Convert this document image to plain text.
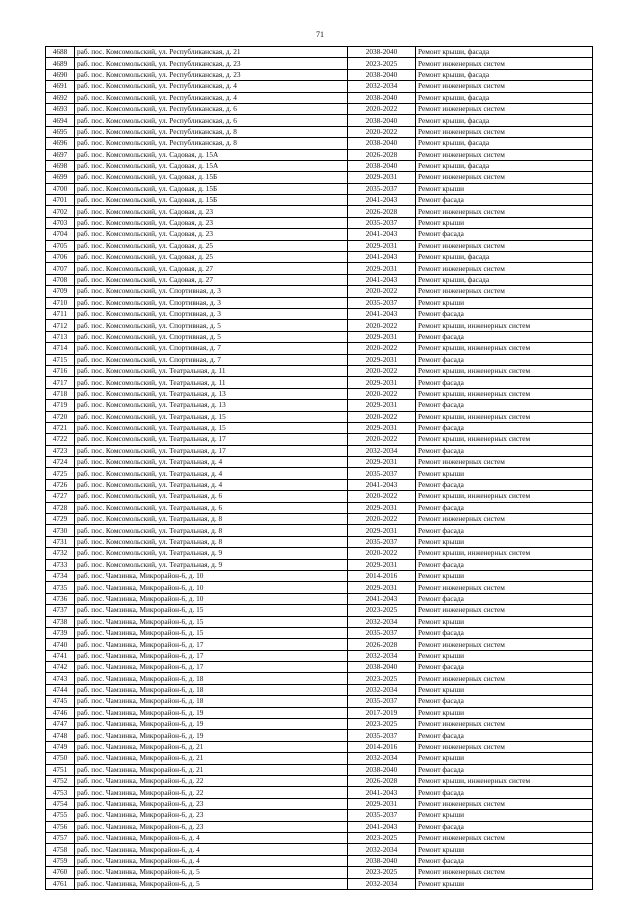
71
4688	раб. пос. Комсомольский, ул. Республиканская, д. 21	2038-2040	Ремонт крыши, фасада
4689	раб. пос. Комсомольский, ул. Республиканская, д. 23	2023-2025	Ремонт инженерных систем
4690	раб. пос. Комсомольский, ул. Республиканская, д. 23	2038-2040	Ремонт крыши, фасада
4691	раб. пос. Комсомольский, ул. Республиканская, д. 4	2032-2034	Ремонт инженерных систем
4692	раб. пос. Комсомольский, ул. Республиканская, д. 4	2038-2040	Ремонт крыши, фасада
4693	раб. пос. Комсомольский, ул. Республиканская, д. 6	2020-2022	Ремонт инженерных систем
4694	раб. пос. Комсомольский, ул. Республиканская, д. 6	2038-2040	Ремонт крыши, фасада
4695	раб. пос. Комсомольский, ул. Республиканская, д. 8	2020-2022	Ремонт инженерных систем
4696	раб. пос. Комсомольский, ул. Республиканская, д. 8	2038-2040	Ремонт крыши, фасада
4697	раб. пос. Комсомольский, ул. Садовая, д. 15А	2026-2028	Ремонт инженерных систем
4698	раб. пос. Комсомольский, ул. Садовая, д. 15А	2038-2040	Ремонт крыши, фасада
4699	раб. пос. Комсомольский, ул. Садовая, д. 15Б	2029-2031	Ремонт инженерных систем
4700	раб. пос. Комсомольский, ул. Садовая, д. 15Б	2035-2037	Ремонт крыши
4701	раб. пос. Комсомольский, ул. Садовая, д. 15Б	2041-2043	Ремонт фасада
4702	раб. пос. Комсомольский, ул. Садовая, д. 23	2026-2028	Ремонт инженерных систем
4703	раб. пос. Комсомольский, ул. Садовая, д. 23	2035-2037	Ремонт крыши
4704	раб. пос. Комсомольский, ул. Садовая, д. 23	2041-2043	Ремонт фасада
4705	раб. пос. Комсомольский, ул. Садовая, д. 25	2029-2031	Ремонт инженерных систем
4706	раб. пос. Комсомольский, ул. Садовая, д. 25	2041-2043	Ремонт крыши, фасада
4707	раб. пос. Комсомольский, ул. Садовая, д. 27	2029-2031	Ремонт инженерных систем
4708	раб. пос. Комсомольский, ул. Садовая, д. 27	2041-2043	Ремонт крыши, фасада
4709	раб. пос. Комсомольский, ул. Спортивная, д. 3	2020-2022	Ремонт инженерных систем
4710	раб. пос. Комсомольский, ул. Спортивная, д. 3	2035-2037	Ремонт крыши
4711	раб. пос. Комсомольский, ул. Спортивная, д. 3	2041-2043	Ремонт фасада
4712	раб. пос. Комсомольский, ул. Спортивная, д. 5	2020-2022	Ремонт крыши, инженерных систем
4713	раб. пос. Комсомольский, ул. Спортивная, д. 5	2029-2031	Ремонт фасада
4714	раб. пос. Комсомольский, ул. Спортивная, д. 7	2020-2022	Ремонт крыши, инженерных систем
4715	раб. пос. Комсомольский, ул. Спортивная, д. 7	2029-2031	Ремонт фасада
4716	раб. пос. Комсомольский, ул. Театральная, д. 11	2020-2022	Ремонт крыши, инженерных систем
4717	раб. пос. Комсомольский, ул. Театральная, д. 11	2029-2031	Ремонт фасада
4718	раб. пос. Комсомольский, ул. Театральная, д. 13	2020-2022	Ремонт крыши, инженерных систем
4719	раб. пос. Комсомольский, ул. Театральная, д. 13	2029-2031	Ремонт фасада
4720	раб. пос. Комсомольский, ул. Театральная, д. 15	2020-2022	Ремонт крыши, инженерных систем
4721	раб. пос. Комсомольский, ул. Театральная, д. 15	2029-2031	Ремонт фасада
4722	раб. пос. Комсомольский, ул. Театральная, д. 17	2020-2022	Ремонт крыши, инженерных систем
4723	раб. пос. Комсомольский, ул. Театральная, д. 17	2032-2034	Ремонт фасада
4724	раб. пос. Комсомольский, ул. Театральная, д. 4	2029-2031	Ремонт инженерных систем
4725	раб. пос. Комсомольский, ул. Театральная, д. 4	2035-2037	Ремонт крыши
4726	раб. пос. Комсомольский, ул. Театральная, д. 4	2041-2043	Ремонт фасада
4727	раб. пос. Комсомольский, ул. Театральная, д. 6	2020-2022	Ремонт крыши, инженерных систем
4728	раб. пос. Комсомольский, ул. Театральная, д. 6	2029-2031	Ремонт фасада
4729	раб. пос. Комсомольский, ул. Театральная, д. 8	2020-2022	Ремонт инженерных систем
4730	раб. пос. Комсомольский, ул. Театральная, д. 8	2029-2031	Ремонт фасада
4731	раб. пос. Комсомольский, ул. Театральная, д. 8	2035-2037	Ремонт крыши
4732	раб. пос. Комсомольский, ул. Театральная, д. 9	2020-2022	Ремонт крыши, инженерных систем
4733	раб. пос. Комсомольский, ул. Театральная, д. 9	2029-2031	Ремонт фасада
4734	раб. пос. Чамзинка, Микрорайон-6, д. 10	2014-2016	Ремонт крыши
4735	раб. пос. Чамзинка, Микрорайон-6, д. 10	2029-2031	Ремонт инженерных систем
4736	раб. пос. Чамзинка, Микрорайон-6, д. 10	2041-2043	Ремонт фасада
4737	раб. пос. Чамзинка, Микрорайон-6, д. 15	2023-2025	Ремонт инженерных систем
4738	раб. пос. Чамзинка, Микрорайон-6, д. 15	2032-2034	Ремонт крыши
4739	раб. пос. Чамзинка, Микрорайон-6, д. 15	2035-2037	Ремонт фасада
4740	раб. пос. Чамзинка, Микрорайон-6, д. 17	2026-2028	Ремонт инженерных систем
4741	раб. пос. Чамзинка, Микрорайон-6, д. 17	2032-2034	Ремонт крыши
4742	раб. пос. Чамзинка, Микрорайон-6, д. 17	2038-2040	Ремонт фасада
4743	раб. пос. Чамзинка, Микрорайон-6, д. 18	2023-2025	Ремонт инженерных систем
4744	раб. пос. Чамзинка, Микрорайон-6, д. 18	2032-2034	Ремонт крыши
4745	раб. пос. Чамзинка, Микрорайон-6, д. 18	2035-2037	Ремонт фасада
4746	раб. пос. Чамзинка, Микрорайон-6, д. 19	2017-2019	Ремонт крыши
4747	раб. пос. Чамзинка, Микрорайон-6, д. 19	2023-2025	Ремонт инженерных систем
4748	раб. пос. Чамзинка, Микрорайон-6, д. 19	2035-2037	Ремонт фасада
4749	раб. пос. Чамзинка, Микрорайон-6, д. 21	2014-2016	Ремонт инженерных систем
4750	раб. пос. Чамзинка, Микрорайон-6, д. 21	2032-2034	Ремонт крыши
4751	раб. пос. Чамзинка, Микрорайон-6, д. 21	2038-2040	Ремонт фасада
4752	раб. пос. Чамзинка, Микрорайон-6, д. 22	2026-2028	Ремонт крыши, инженерных систем
4753	раб. пос. Чамзинка, Микрорайон-6, д. 22	2041-2043	Ремонт фасада
4754	раб. пос. Чамзинка, Микрорайон-6, д. 23	2029-2031	Ремонт инженерных систем
4755	раб. пос. Чамзинка, Микрорайон-6, д. 23	2035-2037	Ремонт крыши
4756	раб. пос. Чамзинка, Микрорайон-6, д. 23	2041-2043	Ремонт фасада
4757	раб. пос. Чамзинка, Микрорайон-6, д. 4	2023-2025	Ремонт инженерных систем
4758	раб. пос. Чамзинка, Микрорайон-6, д. 4	2032-2034	Ремонт крыши
4759	раб. пос. Чамзинка, Микрорайон-6, д. 4	2038-2040	Ремонт фасада
4760	раб. пос. Чамзинка, Микрорайон-6, д. 5	2023-2025	Ремонт инженерных систем
4761	раб. пос. Чамзинка, Микрорайон-6, д. 5	2032-2034	Ремонт крыши
